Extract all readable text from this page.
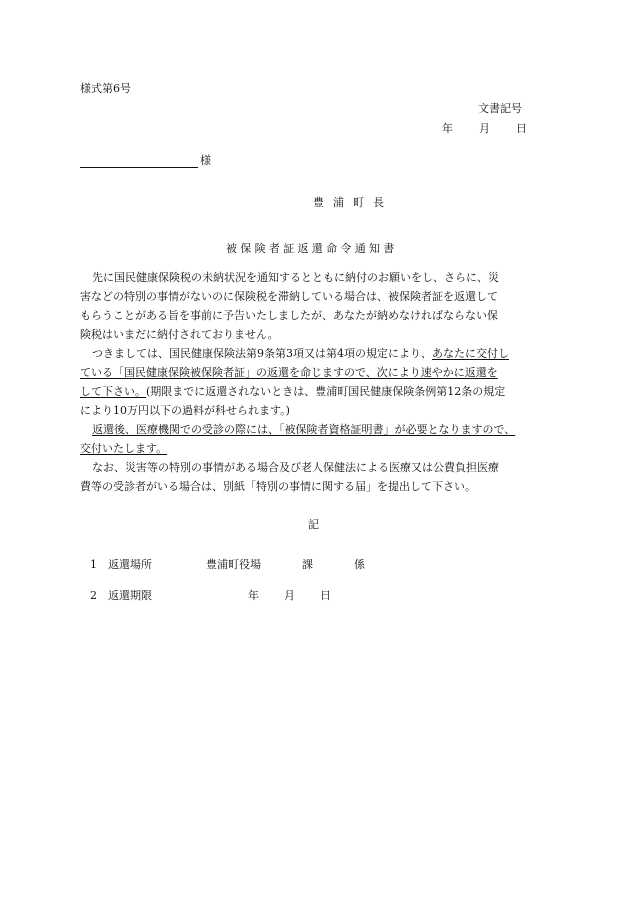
様式第6号
文書記号
年 月 日
様
豊浦町長
被保険者証返還命令通知書
先に国民健康保険税の未納状況を通知するとともに納付のお願いをし、さらに、災
害などの特別の事情がないのに保険税を滞納している場合は、被保険者証を返還して
もらうことがある旨を事前に予告いたしましたが、あなたが納めなければならない保
険税はいまだに納付されておりません。
つきましては、国民健康保険法第9条第3項又は第4項の規定により、あなたに交付し
ている「国民健康保険被保険者証」の返還を命じますので、次により速やかに返還を
して下さい。(期限までに返還されないときは、豊浦町国民健康保険条例第12条の規定
により10万円以下の過料が科せられます。)
返還後、医療機関での受診の際には、「被保険者資格証明書」が必要となりますので、
交付いたします。
なお、災害等の特別の事情がある場合及び老人保健法による医療又は公費負担医療
費等の受診者がいる場合は、別紙「特別の事情に関する届」を提出して下さい。
記
1 返還場所	豊浦町役場	課	係
2 返還期限	年 月 日
